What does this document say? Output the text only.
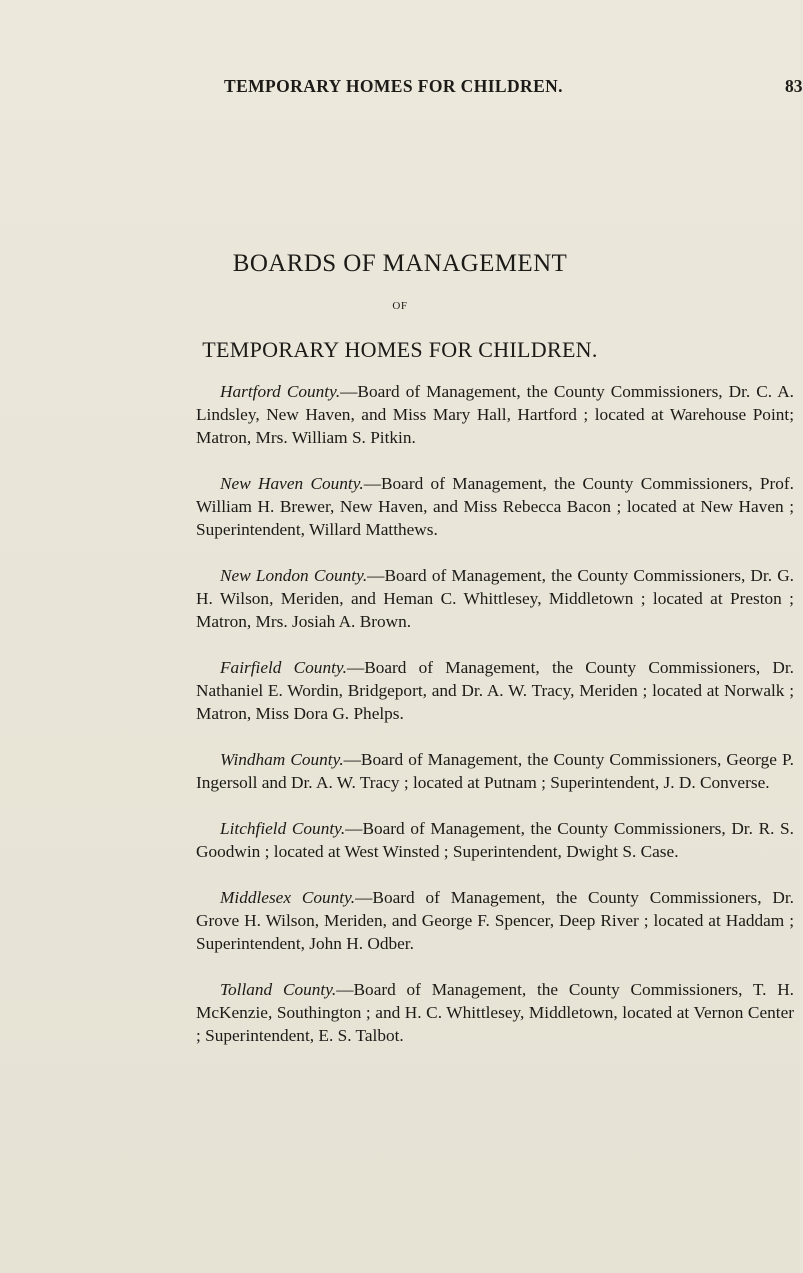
TEMPORARY HOMES FOR CHILDREN.	83
BOARDS OF MANAGEMENT
OF
TEMPORARY HOMES FOR CHILDREN.

Hartford County.—Board of Management, the County Commissioners, Dr. C. A. Lindsley, New Haven, and Miss Mary Hall, Hartford ; located at Warehouse Point; Matron, Mrs. William S. Pitkin.

New Haven County.—Board of Management, the County Commissioners, Prof. William H. Brewer, New Haven, and Miss Rebecca Bacon ; located at New Haven ; Superintendent, Willard Matthews.

New London County.—Board of Management, the County Commissioners, Dr. G. H. Wilson, Meriden, and Heman C. Whittlesey, Middletown ; located at Preston ; Matron, Mrs. Josiah A. Brown.

Fairfield County.—Board of Management, the County Commissioners, Dr. Nathaniel E. Wordin, Bridgeport, and Dr. A. W. Tracy, Meriden ; located at Norwalk ; Matron, Miss Dora G. Phelps.

Windham County.—Board of Management, the County Commissioners, George P. Ingersoll and Dr. A. W. Tracy ; located at Putnam ; Superintendent, J. D. Converse.

Litchfield County.—Board of Management, the County Commissioners, Dr. R. S. Goodwin ; located at West Winsted ; Superintendent, Dwight S. Case.

Middlesex County.—Board of Management, the County Commissioners, Dr. Grove H. Wilson, Meriden, and George F. Spencer, Deep River ; located at Haddam ; Superintendent, John H. Odber.

Tolland County.—Board of Management, the County Commissioners, T. H. McKenzie, Southington ; and H. C. Whittlesey, Middletown, located at Vernon Center ; Superintendent, E. S. Talbot.
